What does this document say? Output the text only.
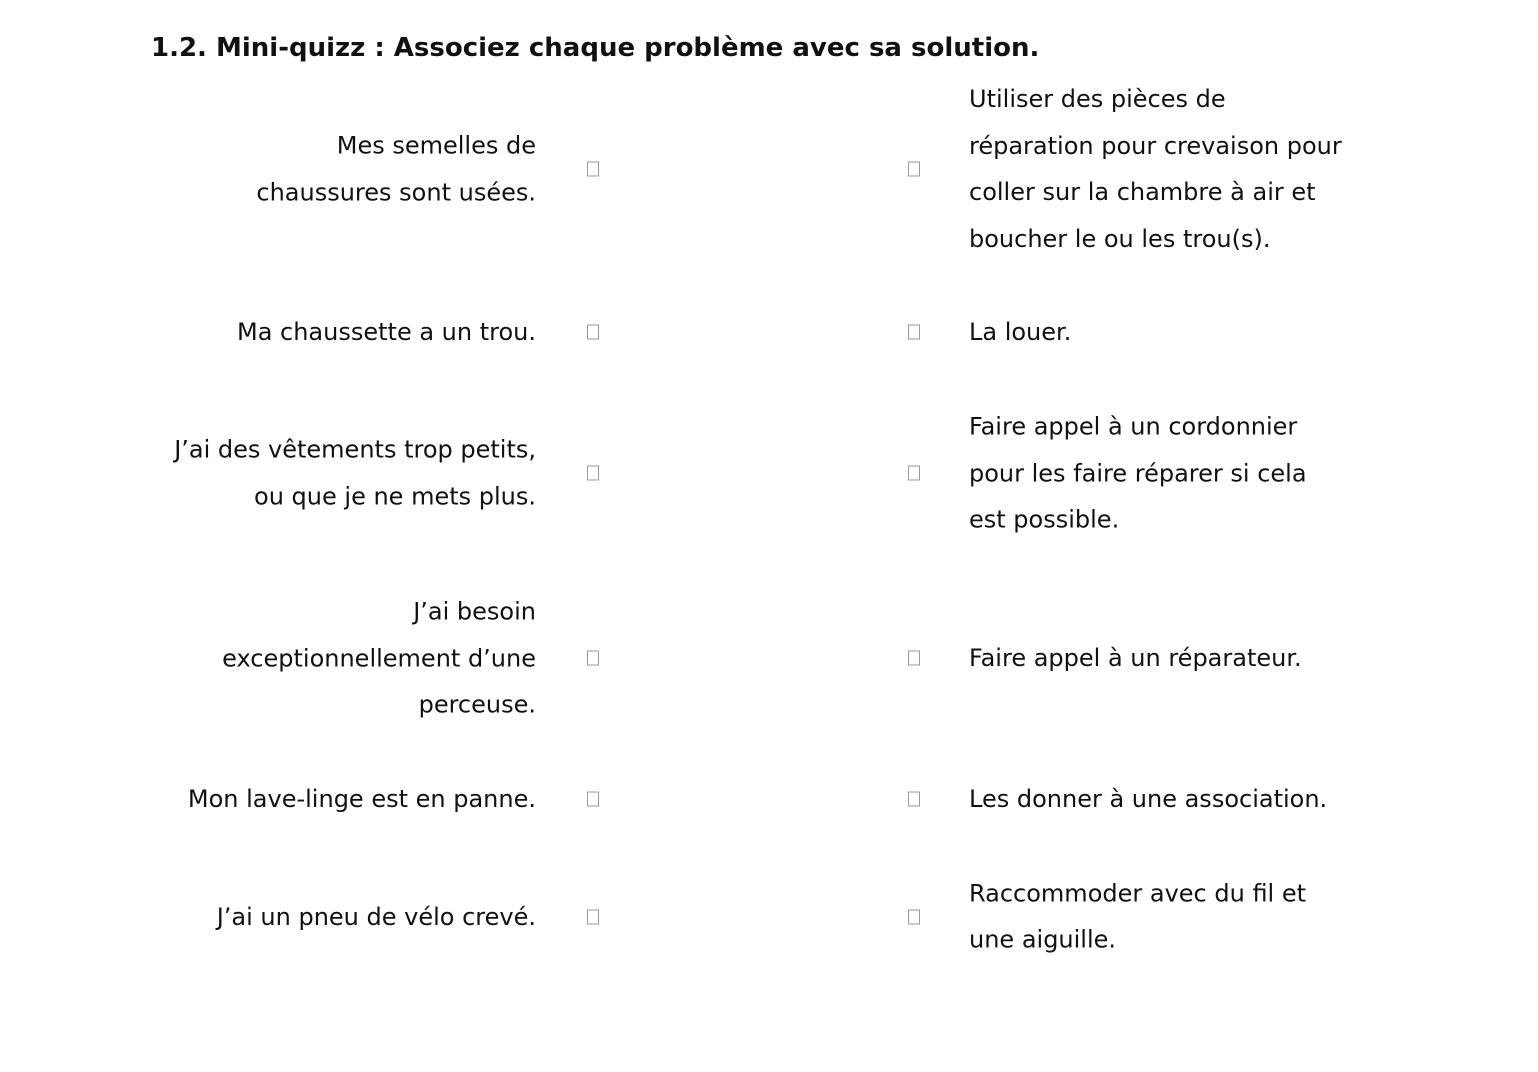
1.2. Mini-quizz : Associez chaque problème avec sa solution.
Mes semelles de chaussures sont usées.
Utiliser des pièces de réparation pour crevaison pour coller sur la chambre à air et boucher le ou les trou(s).
Ma chaussette a un trou.	La louer.
J’ai des vêtements trop petits, ou que je ne mets plus.
Faire appel à un cordonnier pour les faire réparer si cela est possible.
J’ai besoin exceptionnellement d’une perceuse.
Faire appel à un réparateur.
Mon lave-linge est en panne.	Les donner à une association.
J’ai un pneu de vélo crevé.
Raccommoder avec du fil et une aiguille.
